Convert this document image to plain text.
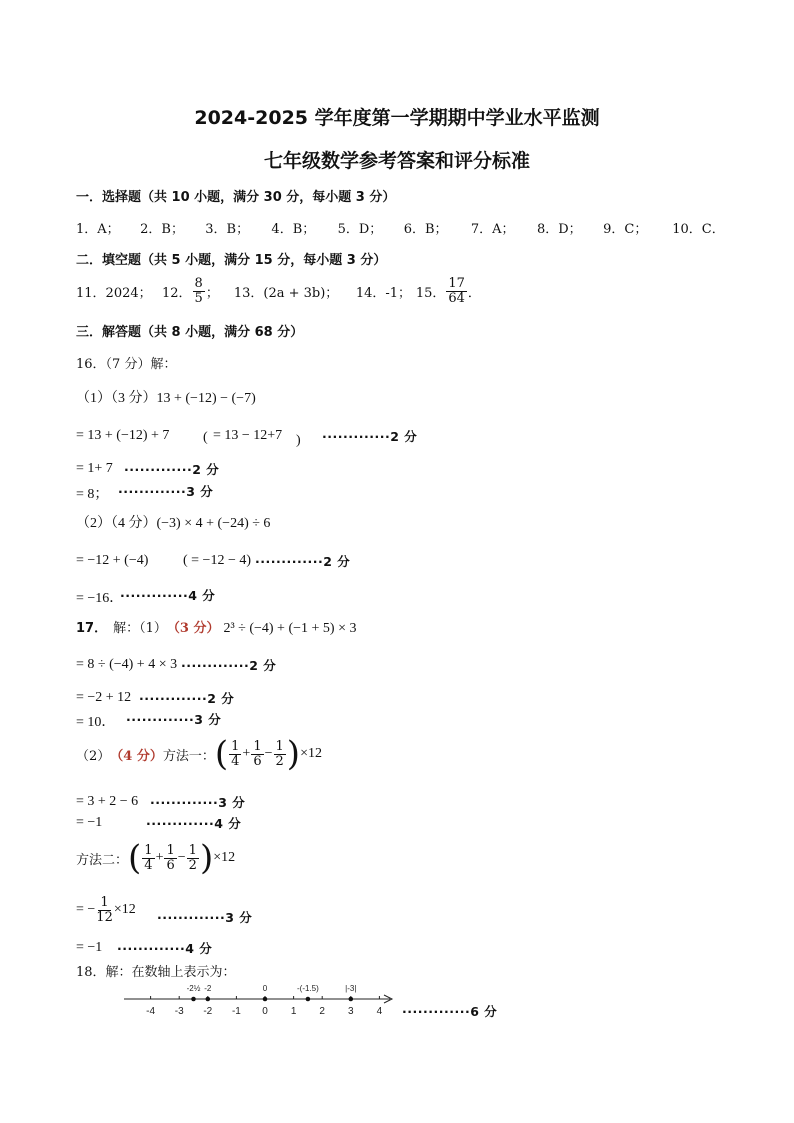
2024-2025 学年度第一学期期中学业水平监测
七年级数学参考答案和评分标准
一．选择题（共 10 小题，满分 30 分，每小题 3 分）
1．A； 2．B； 3．B； 4．B； 5．D； 6．B； 7．A； 8．D； 9．C； 10．C．
二．填空题（共 5 小题，满分 15 分，每小题 3 分）
11．2024； 12． $\frac{8}{5}$ ；	13．(2a + 3b)；	14．-1； 15． $\frac{17}{64}$ ．
三．解答题（共 8 小题，满分 68 分）
16．（7 分）解：
（1）（3 分）13 + (−12) − (−7)
= 13 + (−12) + 7 ( = 13 − 12+7 ) ·············2 分
= 1+ 7 ·············2 分
= 8； ·············3 分
（2）（4 分）(−3) × 4 + (−24) ÷ 6
= −12 + (−4) ( = −12 − 4) ·············2 分
= −16．
·············4 分
17． 解：（1） （3 分） 2³ ÷ (−4) + (−1 + 5) × 3
= 8 ÷ (−4) + 4 × 3 ·············2 分
= −2 + 12 ·············2 分
= 10． ·············3 分
（2） （4 分） 方法一： ( $\frac{1}{4} + \frac{1}{6} - \frac{1}{2}$ ) ×12
= 3 + 2 − 6 ·············3 分
= −1	·············4 分
方法二： ( $\frac{1}{4} + \frac{1}{6} - \frac{1}{2}$ ) ×12
= − $\frac{1}{12} \times 12$
·············3 分
= −1 ·············4 分
18．解：在数轴上表示为：
-4 -3 -2 -1 0 1 2 3 4
-2½ -2	0	-(-1.5)	|-3|
·············6 分
